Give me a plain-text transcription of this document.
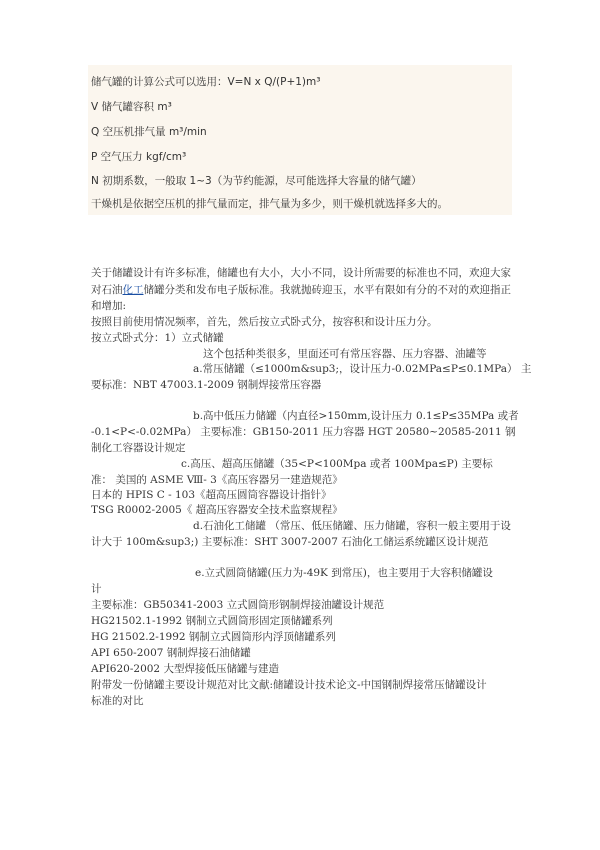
储气罐的计算公式可以选用：V=N x Q/(P+1)m³
V 储气罐容积 m³
Q 空压机排气量 m³/min
P 空气压力 kgf/cm³
N 初期系数，一般取 1~3（为节约能源，尽可能选择大容量的储气罐）
干燥机是依据空压机的排气量而定，排气量为多少，则干燥机就选择多大的。
关于储罐设计有许多标准，储罐也有大小，大小不同，设计所需要的标准也不同，欢迎大家
对石油化工储罐分类和发布电子版标准。我就抛砖迎玉，水平有限如有分的不对的欢迎指正
和增加:
按照目前使用情况频率，首先，然后按立式卧式分，按容积和设计压力分。
按立式卧式分：1）立式储罐
这个包括种类很多，里面还可有常压容器、压力容器、油罐等
a.常压储罐（≤1000m&sup3;，设计压力-0.02MPa≤P≤0.1MPa） 主
要标准：NBT 47003.1-2009 钢制焊接常压容器
b.高中低压力储罐（内直径>150mm,设计压力 0.1≤P≤35MPa 或者
-0.1<P<-0.02MPa） 主要标准：GB150-2011 压力容器 HGT 20580~20585-2011 钢
制化工容器设计规定
c.高压、超高压储罐（35<P<100Mpa 或者 100Mpa≤P) 主要标
准： 美国的 ASME Ⅷ- 3《高压容器另一建造规范》
日本的 HPIS C - 103《超高压圆筒容器设计指针》
TSG R0002-2005《 超高压容器安全技术监察规程》
d.石油化工储罐 （常压、低压储罐、压力储罐，容积一般主要用于设
计大于 100m&sup3;) 主要标准：SHT 3007-2007 石油化工储运系统罐区设计规范
e.立式圆筒储罐(压力为-49K 到常压)，也主要用于大容积储罐设
计
主要标准：GB50341-2003 立式圆筒形钢制焊接油罐设计规范
HG21502.1-1992 钢制立式圆筒形固定顶储罐系列
HG 21502.2-1992 钢制立式圆筒形内浮顶储罐系列
API 650-2007 钢制焊接石油储罐
API620-2002 大型焊接低压储罐与建造
附带发一份储罐主要设计规范对比文献:储罐设计技术论文-中国钢制焊接常压储罐设计
标准的对比
